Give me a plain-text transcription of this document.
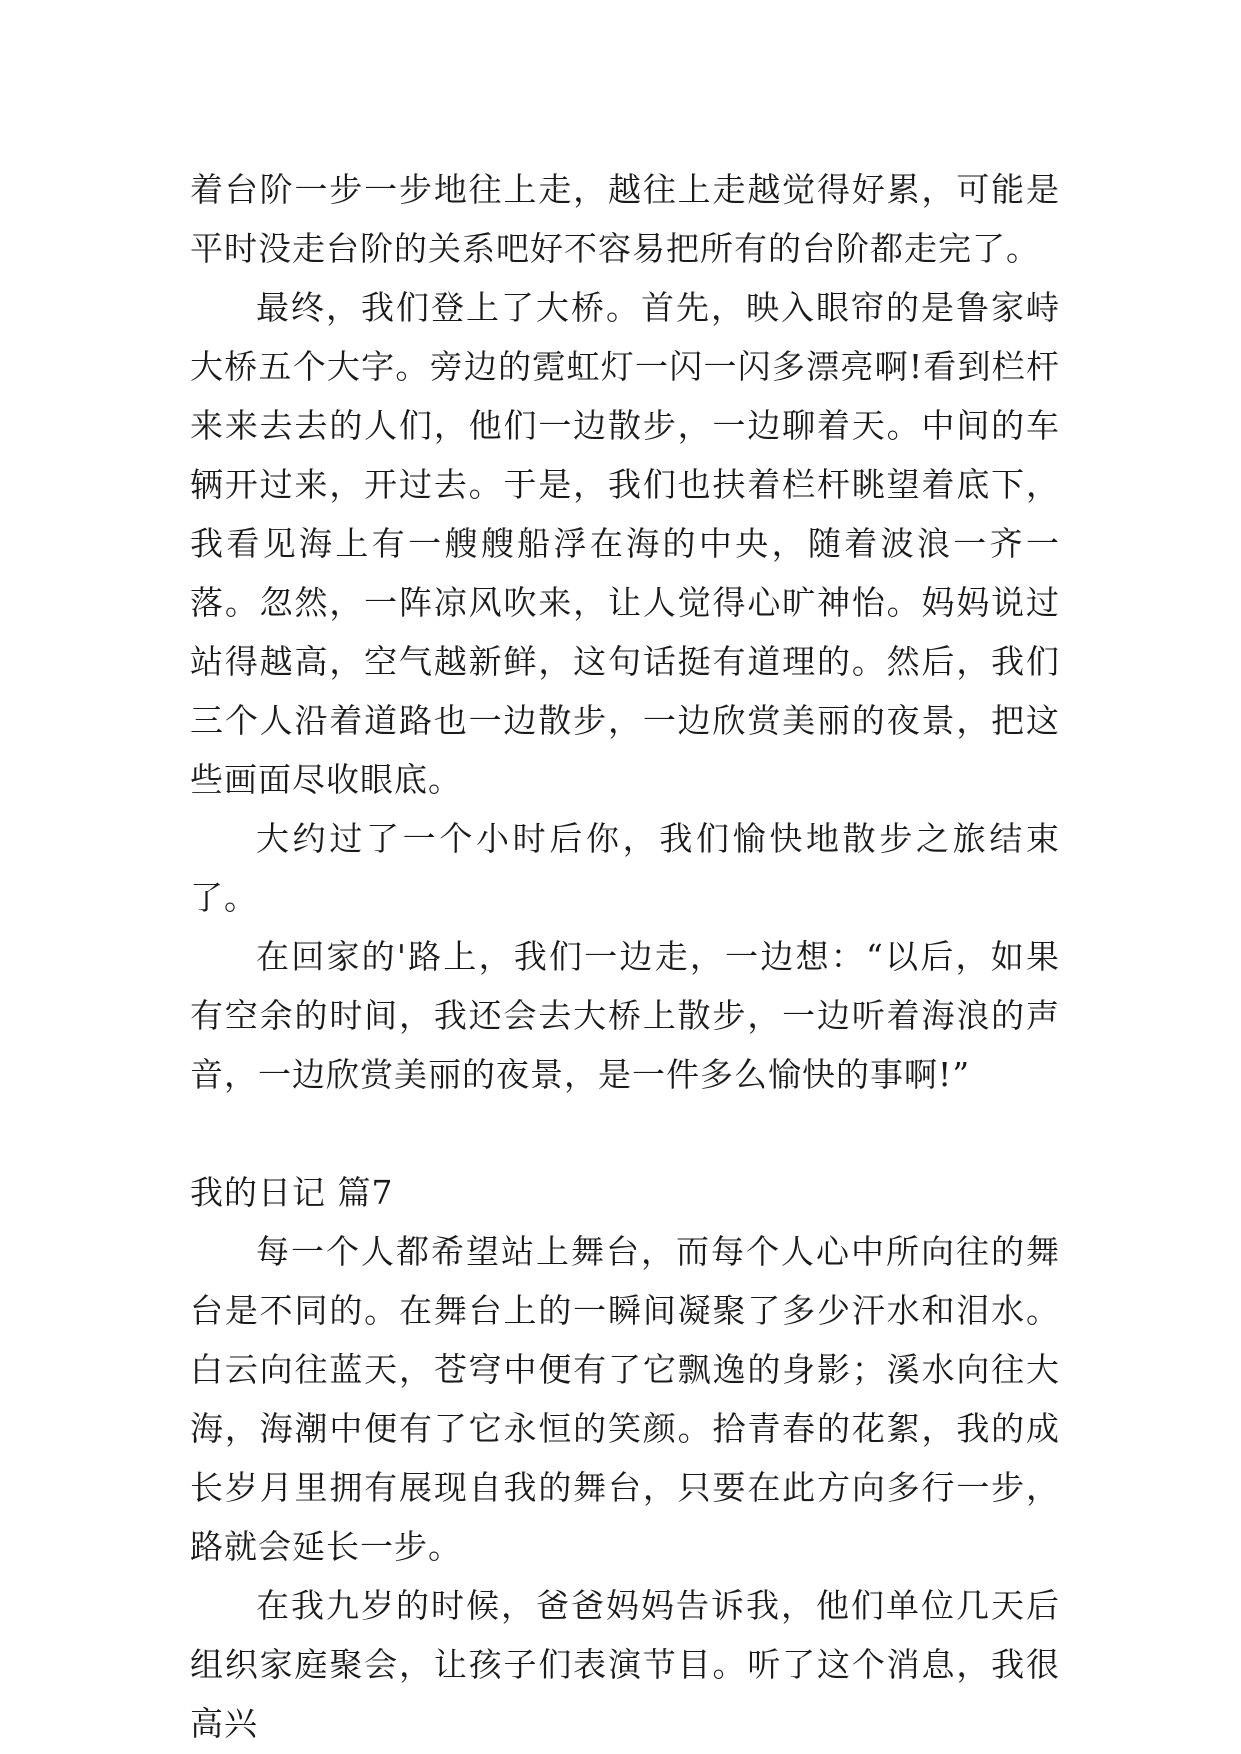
着台阶一步一步地往上走，越往上走越觉得好累，可能是平时没走台阶的关系吧好不容易把所有的台阶都走完了。

最终，我们登上了大桥。首先，映入眼帘的是鲁家峙大桥五个大字。旁边的霓虹灯一闪一闪多漂亮啊!看到栏杆来来去去的人们，他们一边散步，一边聊着天。中间的车辆开过来，开过去。于是，我们也扶着栏杆眺望着底下，我看见海上有一艘艘船浮在海的中央，随着波浪一齐一落。忽然，一阵凉风吹来，让人觉得心旷神怡。妈妈说过站得越高，空气越新鲜，这句话挺有道理的。然后，我们三个人沿着道路也一边散步，一边欣赏美丽的夜景，把这些画面尽收眼底。

大约过了一个小时后你，我们愉快地散步之旅结束了。

在回家的'路上，我们一边走，一边想：“以后，如果有空余的时间，我还会去大桥上散步，一边听着海浪的声音，一边欣赏美丽的夜景，是一件多么愉快的事啊!”

我的日记 篇7

每一个人都希望站上舞台，而每个人心中所向往的舞台是不同的。在舞台上的一瞬间凝聚了多少汗水和泪水。白云向往蓝天，苍穹中便有了它飘逸的身影；溪水向往大海，海潮中便有了它永恒的笑颜。拾青春的花絮，我的成长岁月里拥有展现自我的舞台，只要在此方向多行一步，路就会延长一步。

在我九岁的时候，爸爸妈妈告诉我，他们单位几天后组织家庭聚会，让孩子们表演节目。听了这个消息，我很高兴
